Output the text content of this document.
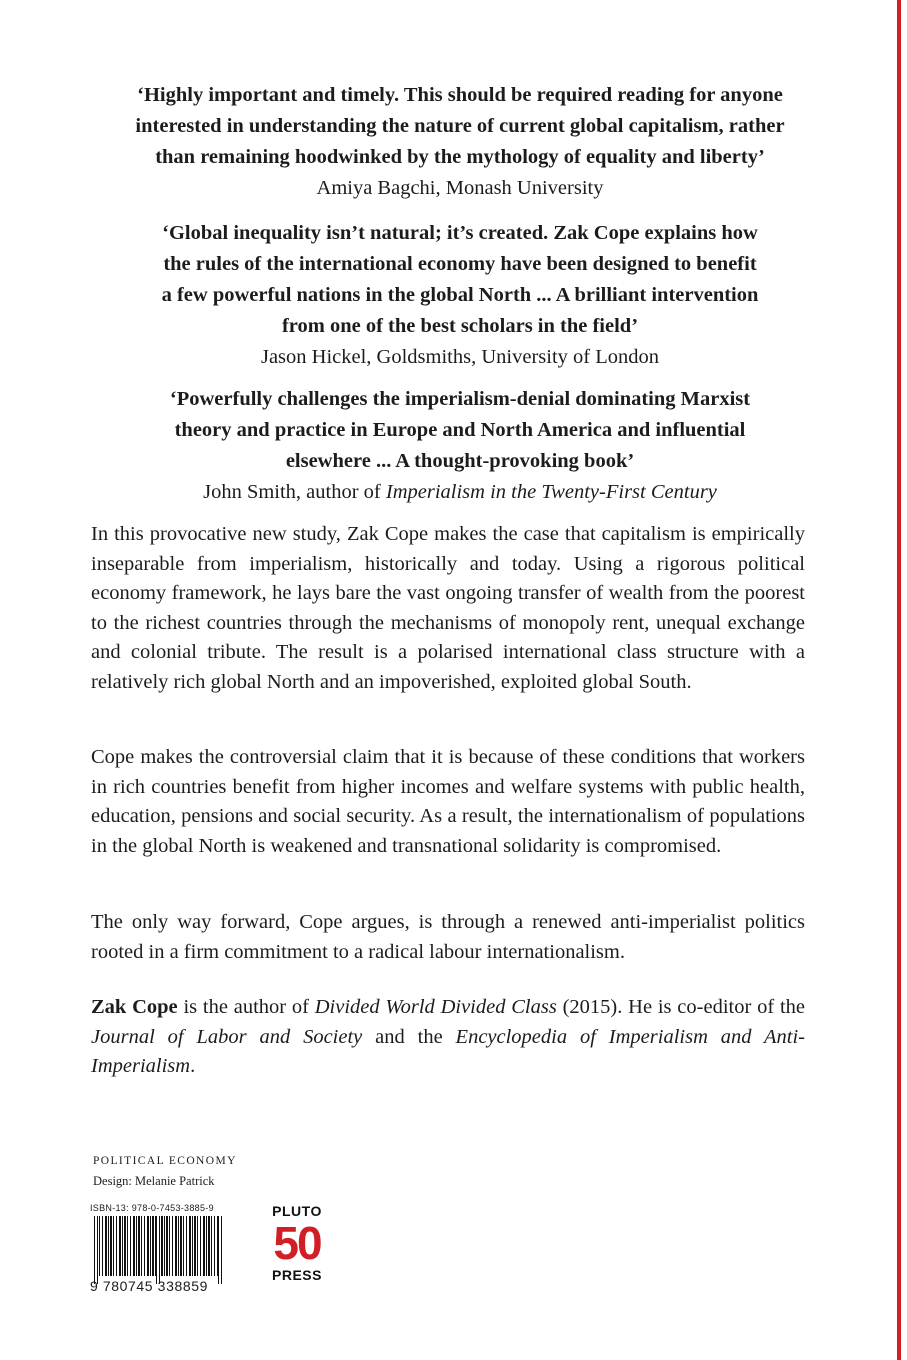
‘Highly important and timely. This should be required reading for anyone
interested in understanding the nature of current global capitalism, rather
than remaining hoodwinked by the mythology of equality and liberty’
Amiya Bagchi, Monash University
‘Global inequality isn’t natural; it’s created. Zak Cope explains how
the rules of the international economy have been designed to benefit
a few powerful nations in the global North ... A brilliant intervention
from one of the best scholars in the field’
Jason Hickel, Goldsmiths, University of London
‘Powerfully challenges the imperialism-denial dominating Marxist
theory and practice in Europe and North America and influential
elsewhere ... A thought-provoking book’
John Smith, author of Imperialism in the Twenty-First Century

In this provocative new study, Zak Cope makes the case that capitalism is empirically inseparable from imperialism, historically and today. Using a rigorous political economy framework, he lays bare the vast ongoing transfer of wealth from the poorest to the richest countries through the mechanisms of monopoly rent, unequal exchange and colonial tribute. The result is a polarised international class structure with a relatively rich global North and an impoverished, exploited global South.

Cope makes the controversial claim that it is because of these conditions that workers in rich countries benefit from higher incomes and welfare systems with public health, education, pensions and social security. As a result, the internationalism of populations in the global North is weakened and transnational solidarity is compromised.

The only way forward, Cope argues, is through a renewed anti-imperialist politics rooted in a firm commitment to a radical labour internationalism.

Zak Cope is the author of Divided World Divided Class (2015). He is co-editor of the Journal of Labor and Society and the Encyclopedia of Imperialism and Anti-Imperialism.

POLITICAL ECONOMY
Design: Melanie Patrick
ISBN-13: 978-0-7453-3885-9
9 780745 338859
PLUTO
50
PRESS
